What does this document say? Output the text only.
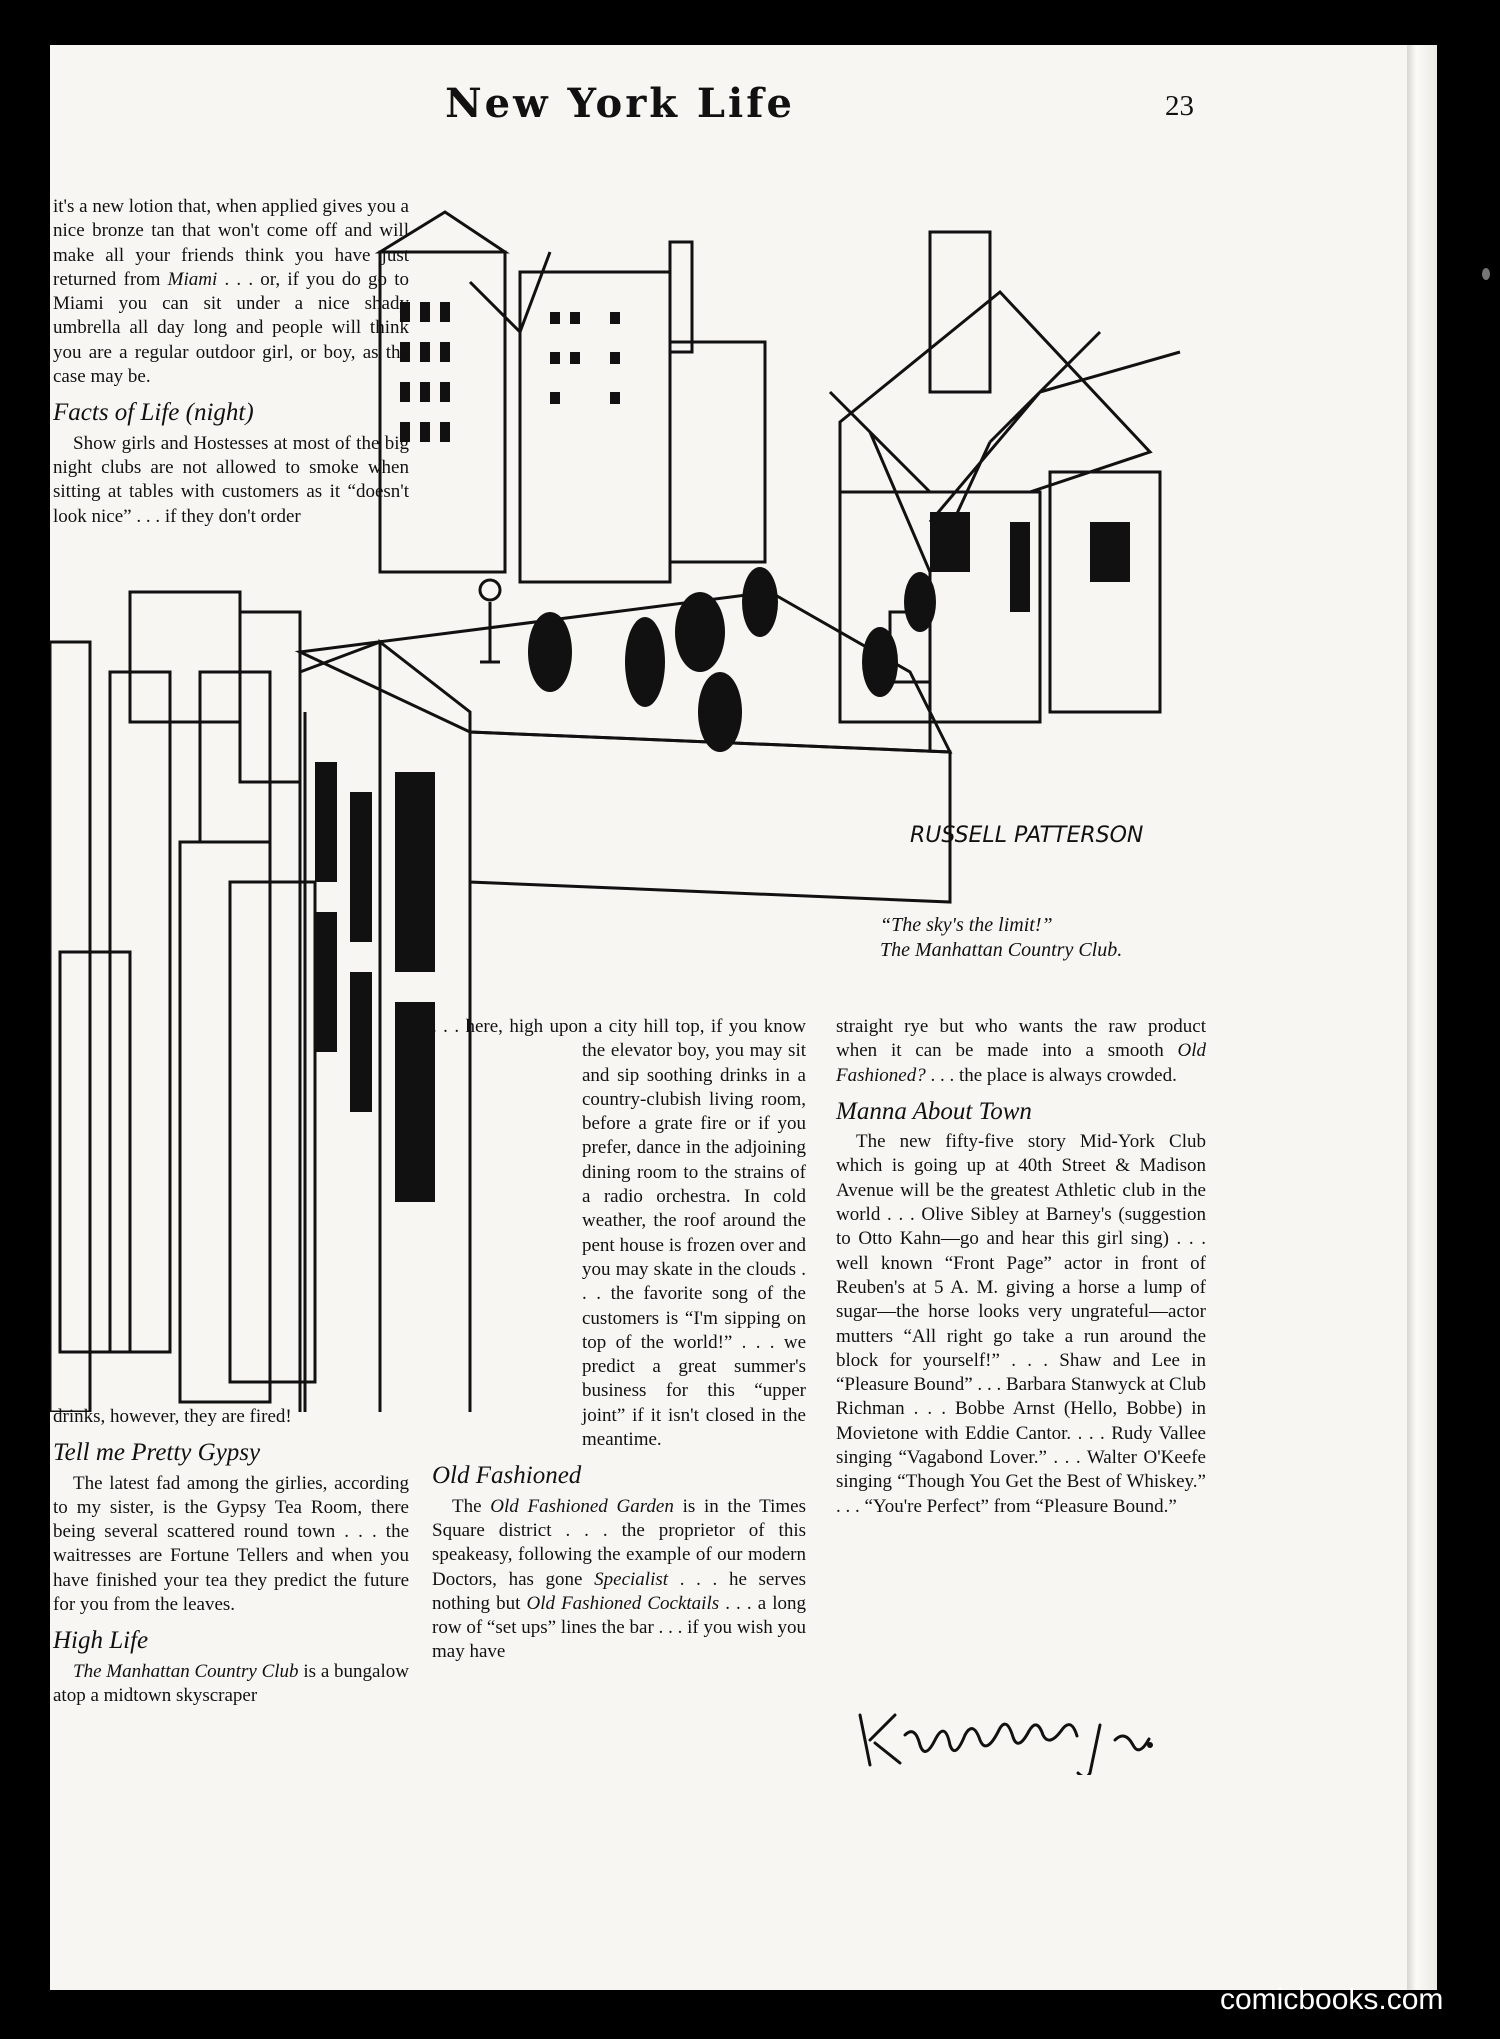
New York Life	23
RUSSELL PATTERSON
“The sky's the limit!”
The Manhattan Country Club.

it's a new lotion that, when applied gives you a nice bronze tan that won't come off and will make all your friends think you have just returned from Miami . . . or, if you do go to Miami you can sit under a nice shady umbrella all day long and people will think you are a regular outdoor girl, or boy, as the case may be.

Facts of Life (night)

Show girls and Hostesses at most of the big night clubs are not allowed to smoke when sitting at tables with customers as it “doesn't look nice” . . . if they don't order

drinks, however, they are fired!

Tell me Pretty Gypsy

The latest fad among the girlies, according to my sister, is the Gypsy Tea Room, there being several scattered round town . . . the waitresses are Fortune Tellers and when you have finished your tea they predict the future for you from the leaves.

High Life

The Manhattan Country Club is a bungalow atop a midtown skyscraper

. . . here, high upon a city hill top, if you know the elevator boy, you may sit and sip soothing drinks in a country-clubish living room, before a grate fire or if you prefer, dance in the adjoining dining room to the strains of a radio orchestra. In cold weather, the roof around the pent house is frozen over and you may skate in the clouds . . . the favorite song of the customers is “I'm sipping on top of the world!” . . . we predict a great summer's business for this “upper joint” if it isn't closed in the meantime.

Old Fashioned

The Old Fashioned Garden is in the Times Square district . . . the proprietor of this speakeasy, following the example of our modern Doctors, has gone Specialist . . . he serves nothing but Old Fashioned Cocktails . . . a long row of “set ups” lines the bar . . . if you wish you may have

straight rye but who wants the raw product when it can be made into a smooth Old Fashioned? . . . the place is always crowded.

Manna About Town

The new fifty-five story Mid-York Club which is going up at 40th Street & Madison Avenue will be the greatest Athletic club in the world . . . Olive Sibley at Barney's (suggestion to Otto Kahn—go and hear this girl sing) . . . well known “Front Page” actor in front of Reuben's at 5 A. M. giving a horse a lump of sugar—the horse looks very ungrateful—actor mutters “All right go take a run around the block for yourself!” . . . Shaw and Lee in “Pleasure Bound” . . . Barbara Stanwyck at Club Richman . . . Bobbe Arnst (Hello, Bobbe) in Movietone with Eddie Cantor. . . . Rudy Vallee singing “Vagabond Lover.” . . . Walter O'Keefe singing “Though You Get the Best of Whiskey.” . . . “You're Perfect” from “Pleasure Bound.”

comicbooks.com
